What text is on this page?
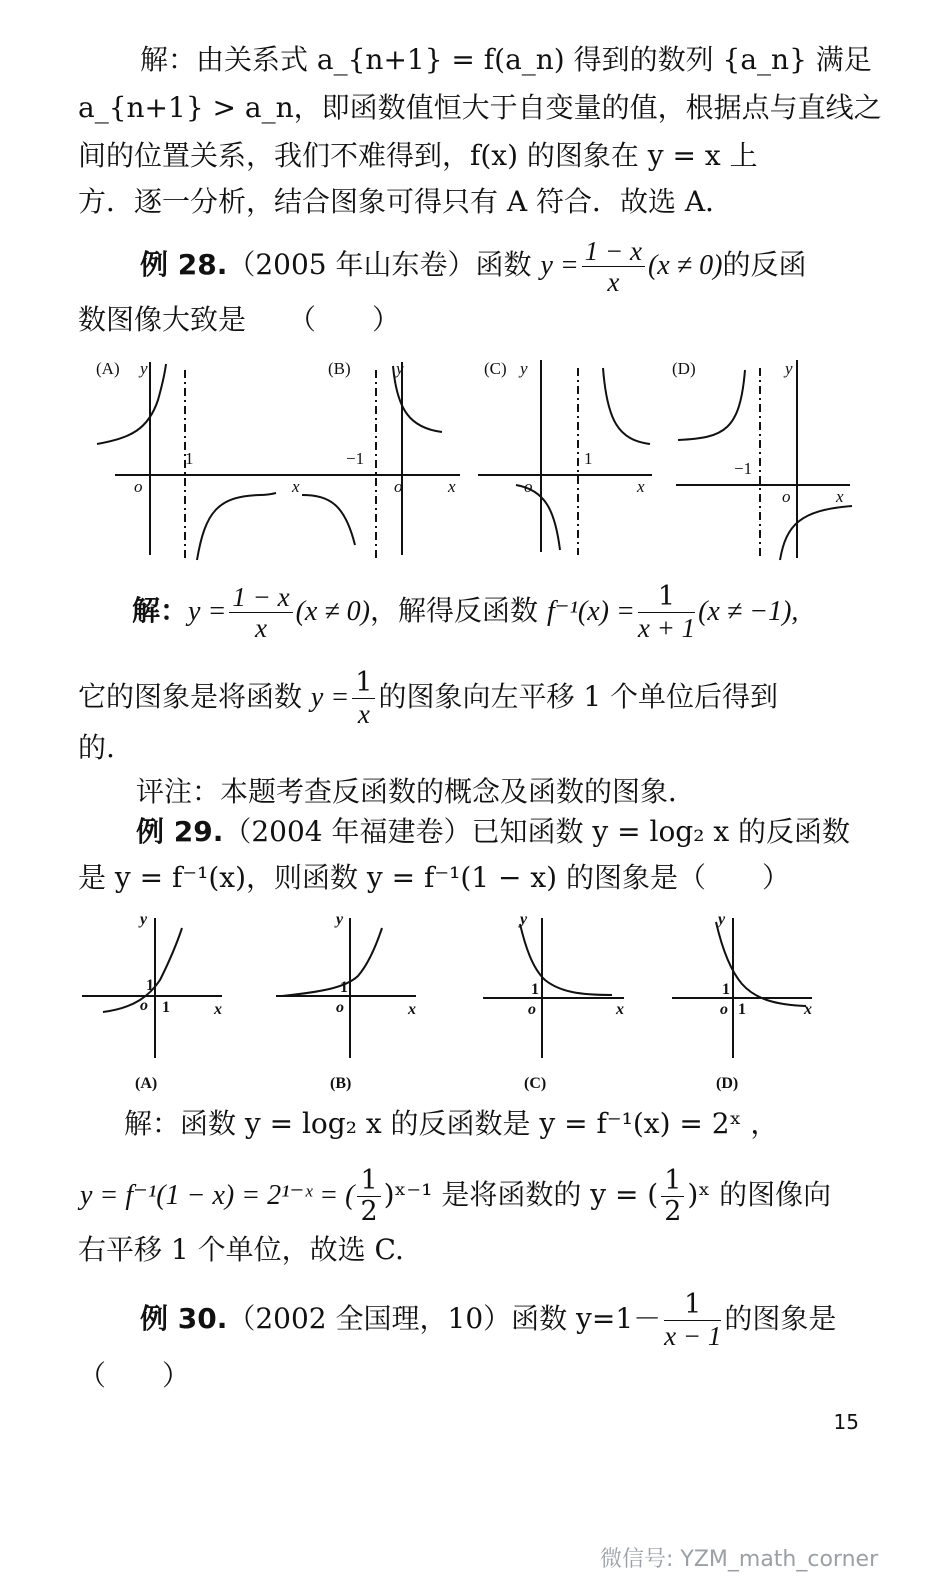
解：由关系式 a_{n+1} = f(a_n) 得到的数列 {a_n} 满足
a_{n+1} > a_n，即函数值恒大于自变量的值，根据点与直线之
间的位置关系，我们不难得到，f(x) 的图象在 y = x 上
方．逐一分析，结合图象可得只有 A 符合．故选 A．
例 28.（2005 年山东卷）函数 $y = \frac{1 - x}{x} (x \ne 0)$的反函
数图像大致是　　（　　）
(A) y
1
o	x
(B)	y
−1
o	x
(C) y
1
o	x
(D)	y
−1
o	x
解：$y = \frac{1 - x}{x} (x \ne 0)$，解得反函数 $f^{-1}(x) = \frac{1}{x + 1} (x \ne -1)$,
它的图象是将函数 $y = \frac{1}{x}$ 的图象向左平移 1 个单位后得到
的.
评注：本题考查反函数的概念及函数的图象．
例 29.（2004 年福建卷）已知函数 y = log₂ x 的反函数
是 y = f⁻¹(x)，则函数 y = f⁻¹(1 − x) 的图象是（　　）
y
1
o 1	x
y
1
o	x
y
1
o	x
y
1
o 1	x
(A)	(B)	(C)	(D)
解：函数 y = log₂ x 的反函数是 y = f⁻¹(x) = 2ˣ ，
y = f⁻¹(1 − x) = 2¹⁻ˣ = ( $\frac{1}{2}$ )ˣ⁻¹ 是将函数的 y = ( $\frac{1}{2}$ )ˣ 的图像向
右平移 1 个单位，故选 C.
例 30.（2002 全国理，10）函数 $y=1- \frac{1}{x - 1}$ 的图象是
（　　）
15
微信号: YZM_math_corner
